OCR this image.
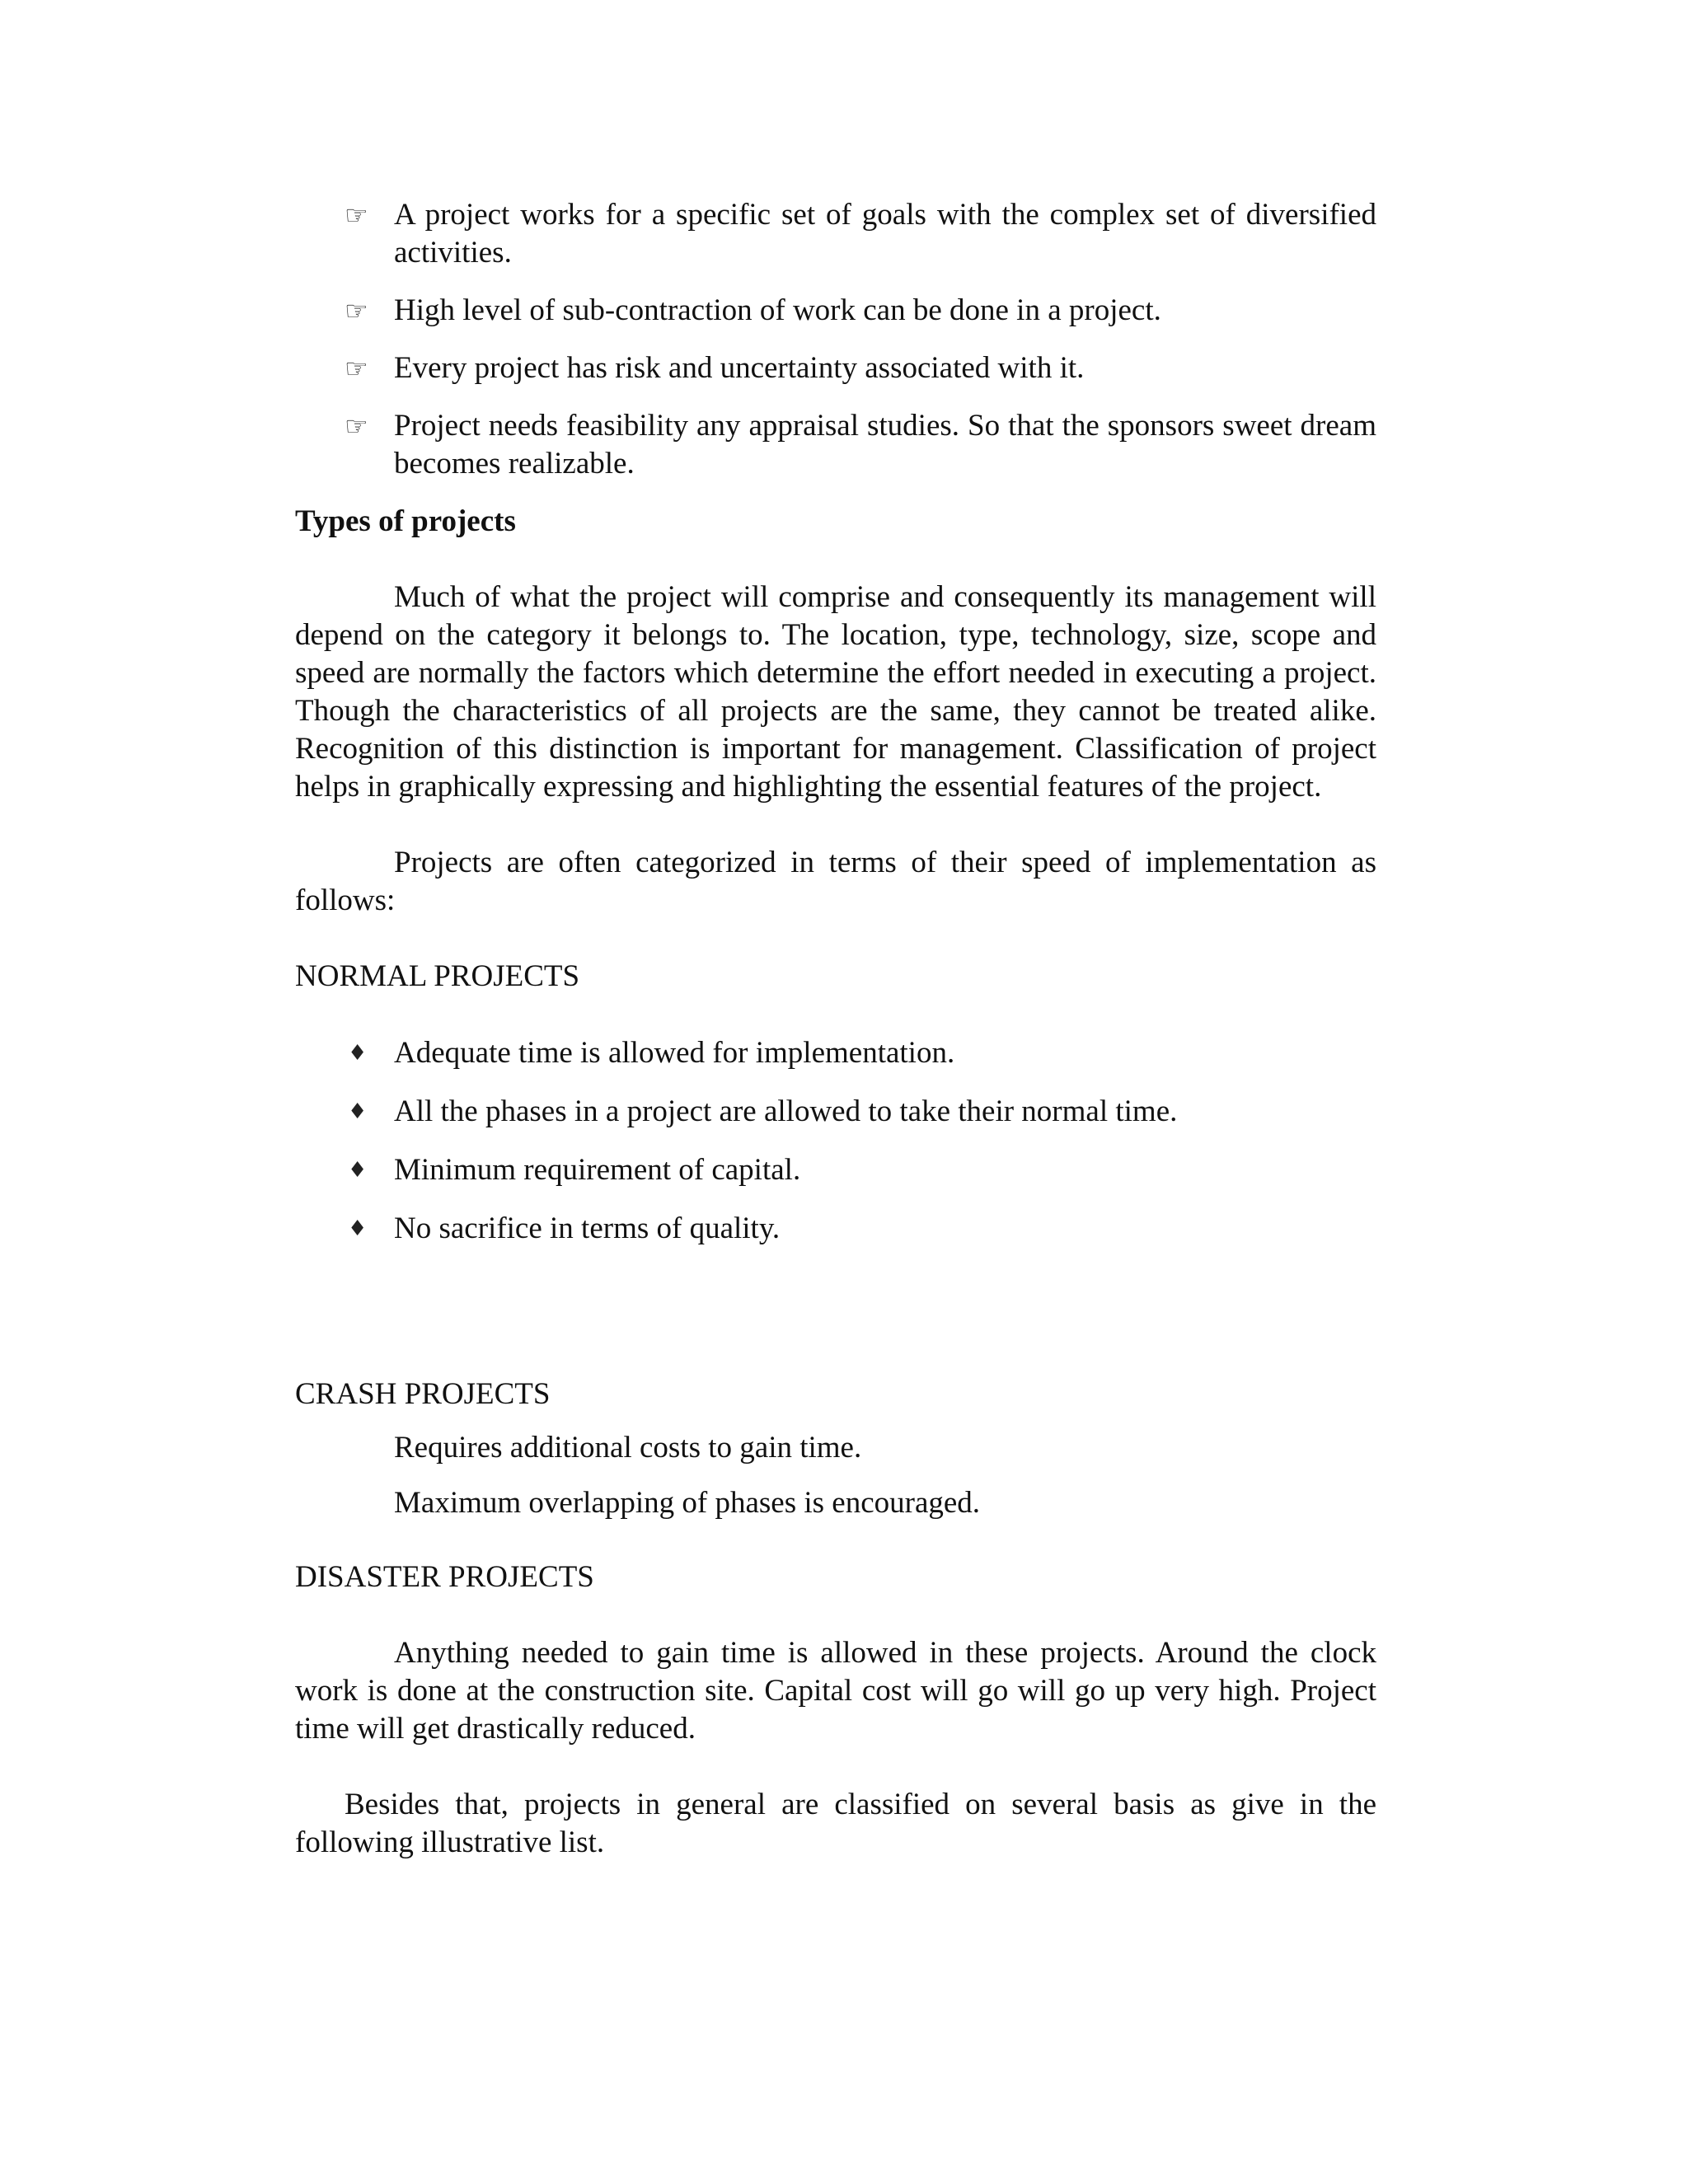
☞ A project works for a specific set of goals with the complex set of diversified activities.
☞ High level of sub-contraction of work can be done in a project.
☞ Every project has risk and uncertainty associated with it.
☞ Project needs feasibility any appraisal studies. So that the sponsors sweet dream becomes realizable.

Types of projects

Much of what the project will comprise and consequently its management will depend on the category it belongs to. The location, type, technology, size, scope and speed are normally the factors which determine the effort needed in executing a project. Though the characteristics of all projects are the same, they cannot be treated alike. Recognition of this distinction is important for management. Classification of project helps in graphically expressing and highlighting the essential features of the project.

Projects are often categorized in terms of their speed of implementation as follows:

NORMAL PROJECTS

♦ Adequate time is allowed for implementation.
♦ All the phases in a project are allowed to take their normal time.
♦ Minimum requirement of capital.
♦ No sacrifice in terms of quality.

CRASH PROJECTS

Requires additional costs to gain time.

Maximum overlapping of phases is encouraged.

DISASTER PROJECTS

Anything needed to gain time is allowed in these projects. Around the clock work is done at the construction site. Capital cost will go will go up very high. Project time will get drastically reduced.

Besides that, projects in general are classified on several basis as give in the following illustrative list.
